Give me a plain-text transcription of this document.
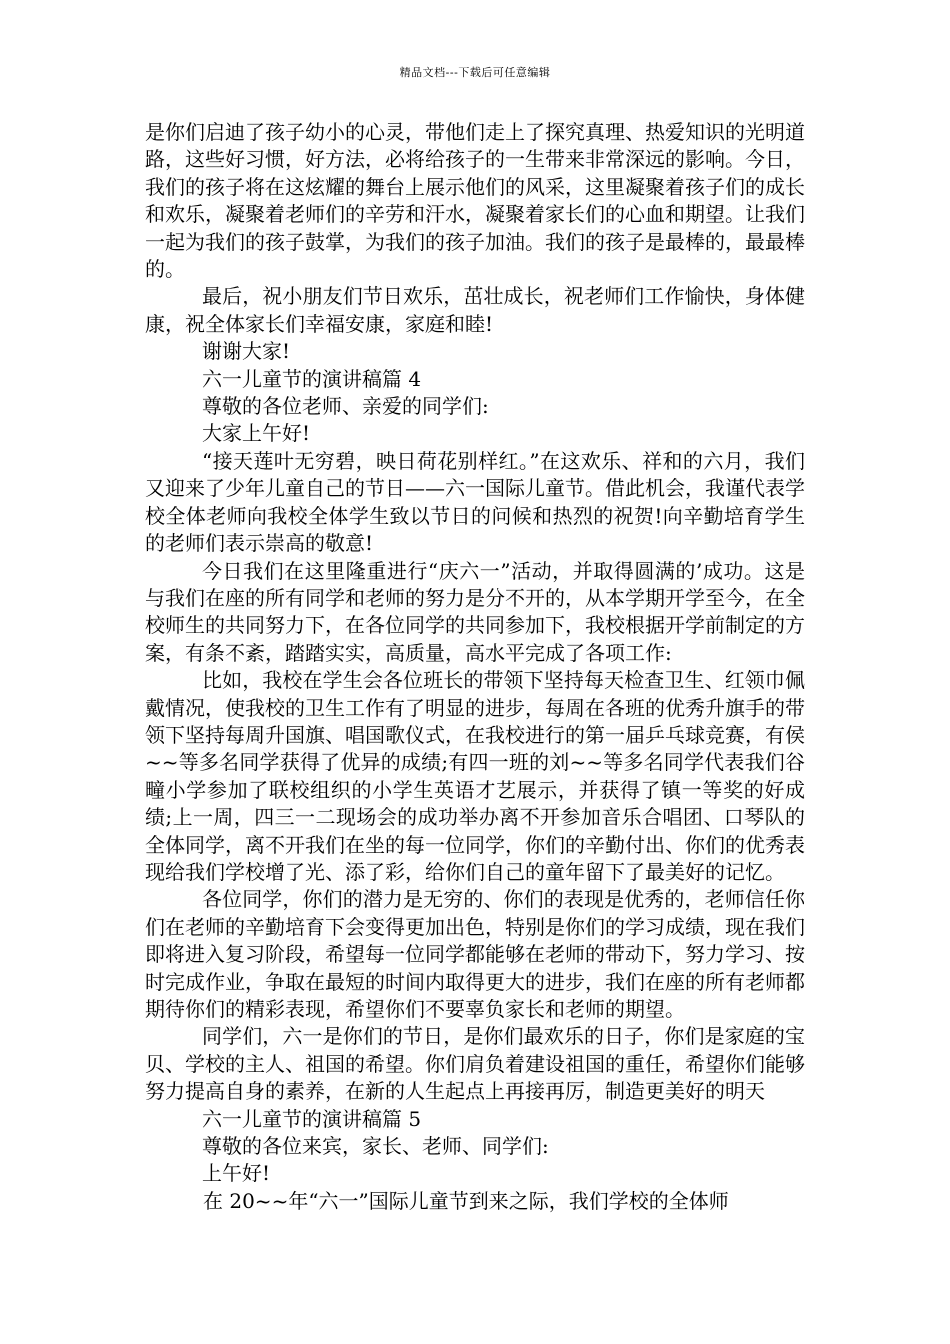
精品文档---下载后可任意编辑

是你们启迪了孩子幼小的心灵，带他们走上了探究真理、热爱知识的光明道路，这些好习惯，好方法，必将给孩子的一生带来非常深远的影响。今日，我们的孩子将在这炫耀的舞台上展示他们的风采，这里凝聚着孩子们的成长和欢乐，凝聚着老师们的辛劳和汗水，凝聚着家长们的心血和期望。让我们一起为我们的孩子鼓掌，为我们的孩子加油。我们的孩子是最棒的，最最棒的。

最后，祝小朋友们节日欢乐，茁壮成长，祝老师们工作愉快，身体健康，祝全体家长们幸福安康，家庭和睦!

谢谢大家!

六一儿童节的演讲稿篇 4

尊敬的各位老师、亲爱的同学们:

大家上午好!

“接天莲叶无穷碧，映日荷花别样红。”在这欢乐、祥和的六月，我们又迎来了少年儿童自己的节日——六一国际儿童节。借此机会，我谨代表学校全体老师向我校全体学生致以节日的问候和热烈的祝贺!向辛勤培育学生的老师们表示崇高的敬意!

今日我们在这里隆重进行“庆六一”活动，并取得圆满的’成功。这是与我们在座的所有同学和老师的努力是分不开的，从本学期开学至今，在全校师生的共同努力下，在各位同学的共同参加下，我校根据开学前制定的方案，有条不紊，踏踏实实，高质量，高水平完成了各项工作:

比如，我校在学生会各位班长的带领下坚持每天检查卫生、红领巾佩戴情况，使我校的卫生工作有了明显的进步，每周在各班的优秀升旗手的带领下坚持每周升国旗、唱国歌仪式，在我校进行的第一届乒乓球竞赛，有侯~~等多名同学获得了优异的成绩;有四一班的刘~~等多名同学代表我们谷疃小学参加了联校组织的小学生英语才艺展示，并获得了镇一等奖的好成绩;上一周，四三一二现场会的成功举办离不开参加音乐合唱团、口琴队的全体同学，离不开我们在坐的每一位同学，你们的辛勤付出、你们的优秀表现给我们学校增了光、添了彩，给你们自己的童年留下了最美好的记忆。

各位同学，你们的潜力是无穷的、你们的表现是优秀的，老师信任你们在老师的辛勤培育下会变得更加出色，特别是你们的学习成绩，现在我们即将进入复习阶段，希望每一位同学都能够在老师的带动下，努力学习、按时完成作业，争取在最短的时间内取得更大的进步，我们在座的所有老师都期待你们的精彩表现，希望你们不要辜负家长和老师的期望。

同学们，六一是你们的节日，是你们最欢乐的日子，你们是家庭的宝贝、学校的主人、祖国的希望。你们肩负着建设祖国的重任，希望你们能够努力提高自身的素养，在新的人生起点上再接再厉，制造更美好的明天

六一儿童节的演讲稿篇 5

尊敬的各位来宾，家长、老师、同学们:

上午好!

在 20~~年“六一”国际儿童节到来之际，我们学校的全体师
